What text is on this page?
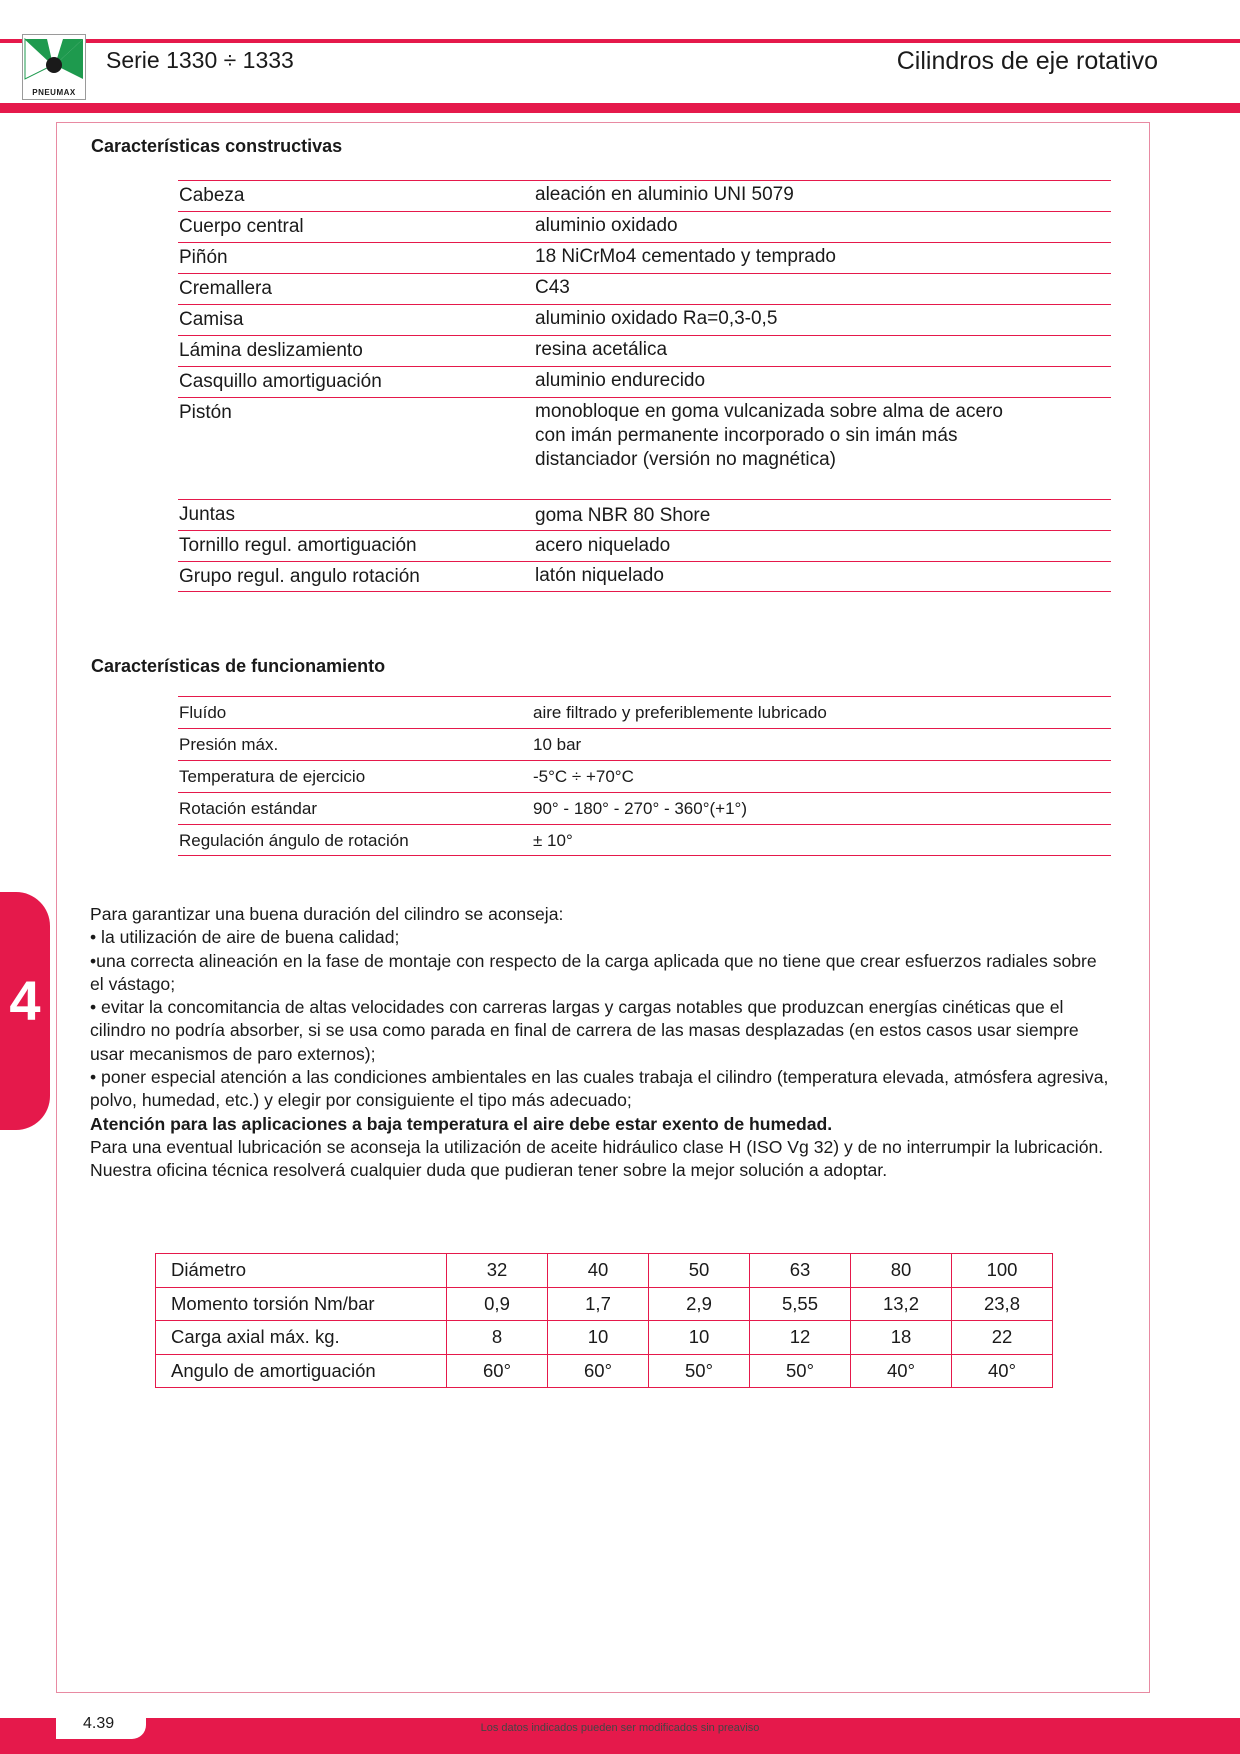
PNEUMAX
Serie 1330 ÷ 1333	Cilindros de eje rotativo
Características constructivas
Cabeza	aleación en aluminio UNI 5079
Cuerpo central	aluminio oxidado
Piñón	18 NiCrMo4 cementado y temprado
Cremallera	C43
Camisa	aluminio oxidado Ra=0,3-0,5
Lámina deslizamiento	resina acetálica
Casquillo amortiguación	aluminio endurecido
Pistón	monobloque en goma vulcanizada sobre alma de acero con imán permanente incorporado o sin imán más distanciador (versión no magnética)
Juntas	goma NBR 80 Shore
Tornillo regul. amortiguación	acero niquelado
Grupo regul. angulo rotación	latón niquelado
Características de funcionamiento
Fluído	aire filtrado y preferiblemente lubricado
Presión máx.	10 bar
Temperatura de ejercicio	-5°C ÷ +70°C
Rotación estándar	90° - 180° - 270° - 360°(+1°)
Regulación ángulo de rotación	± 10°
Para garantizar una buena duración del cilindro se aconseja:
• la utilización de aire de buena calidad;
•una correcta alineación en la fase de montaje con respecto de la carga aplicada que no tiene que crear esfuerzos radiales sobre el vástago;
• evitar la concomitancia de altas velocidades con carreras largas y cargas notables que produzcan energías cinéticas que el cilindro no podría absorber, si se usa como parada en final de carrera de las masas desplazadas (en estos casos usar siempre usar mecanismos de paro externos);
• poner especial atención a las condiciones ambientales en las cuales trabaja el cilindro (temperatura elevada, atmósfera agresiva, polvo, humedad, etc.) y elegir por consiguiente el tipo más adecuado;
Atención para las aplicaciones a baja temperatura el aire debe estar exento de humedad.
Para una eventual lubricación se aconseja la utilización de aceite hidráulico clase H (ISO Vg 32) y de no interrumpir la lubricación.
Nuestra oficina técnica resolverá cualquier duda que pudieran tener sobre la mejor solución a adoptar.
Diámetro	32	40	50	63	80	100
Momento torsión Nm/bar	0,9	1,7	2,9	5,55	13,2	23,8
Carga axial máx. kg.	8	10	10	12	18	22
Angulo de amortiguación	60°	60°	50°	50°	40°	40°
4
4.39	Los datos indicados pueden ser modificados sin preaviso
